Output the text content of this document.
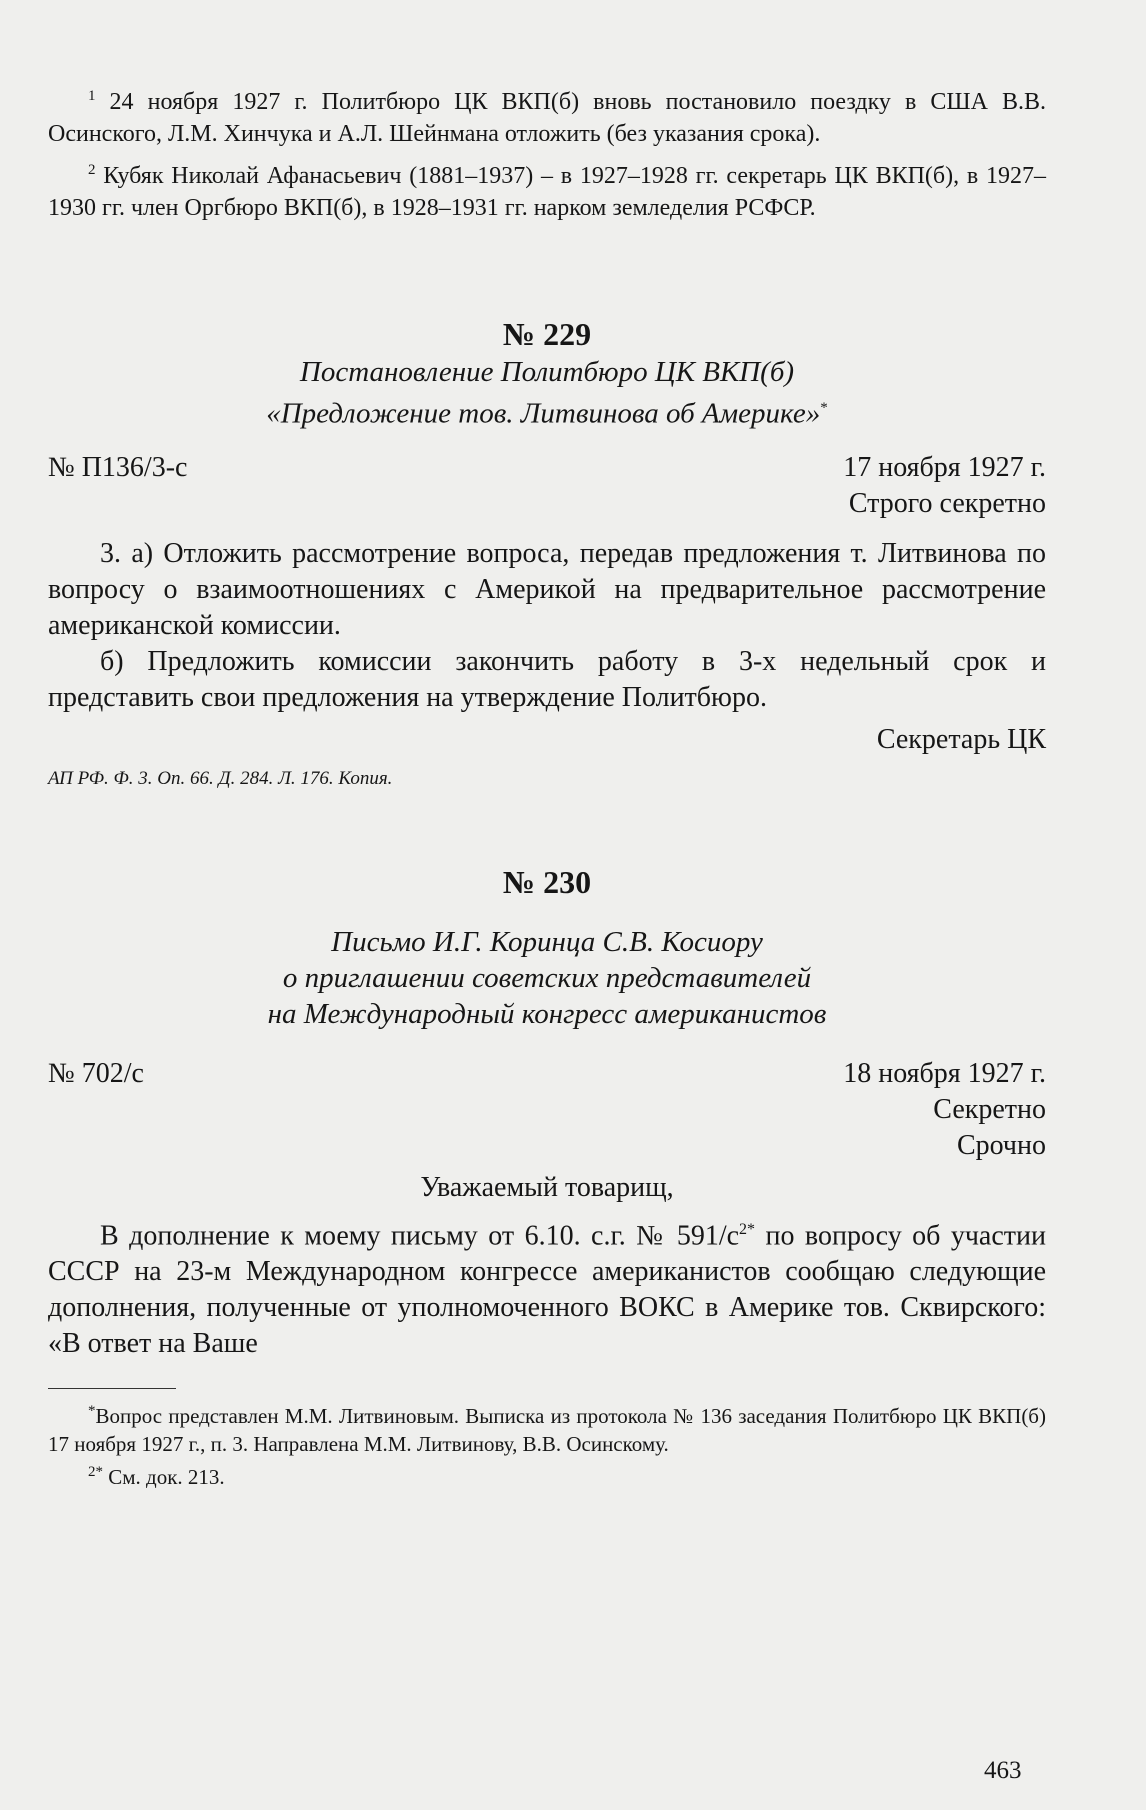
$^1$ 24 ноября 1927 г. Политбюро ЦК ВКП(б) вновь постановило поездку в США В.В. Осинского, Л.М. Хинчука и А.Л. Шейнмана отложить (без указания срока).

$^2$ Кубяк Николай Афанасьевич (1881–1937) – в 1927–1928 гг. секретарь ЦК ВКП(б), в 1927–1930 гг. член Оргбюро ВКП(б), в 1928–1931 гг. нарком земледелия РСФСР.

№ 229

Постановление Политбюро ЦК ВКП(б)

«Предложение тов. Литвинова об Америке»*

№ П136/3-с	17 ноября 1927 г.
Строго секретно

3. а) Отложить рассмотрение вопроса, передав предложения т. Литвинова по вопросу о взаимоотношениях с Америкой на предварительное рассмотрение американской комиссии.

б) Предложить комиссии закончить работу в 3-х недельный срок и представить свои предложения на утверждение Политбюро.

Секретарь ЦК

АП РФ. Ф. 3. Оп. 66. Д. 284. Л. 176. Копия.

№ 230

Письмо И.Г. Коринца С.В. Косиору

о приглашении советских представителей

на Международный конгресс американистов

№ 702/с	18 ноября 1927 г.
Секретно
Срочно

Уважаемый товарищ,

В дополнение к моему письму от 6.10. с.г. № $591/с^{2*}$ по вопросу об участии СССР на 23-м Международном конгрессе американистов сообщаю следующие дополнения, полученные от уполномоченного ВОКС в Америке тов. Сквирского: «В ответ на Ваше

*Вопрос представлен М.М. Литвиновым. Выписка из протокола № 136 заседания Политбюро ЦК ВКП(б) 17 ноября 1927 г., п. 3. Направлена М.М. Литвинову, В.В. Осинскому.

$^{2*}$ См. док. 213.

463
